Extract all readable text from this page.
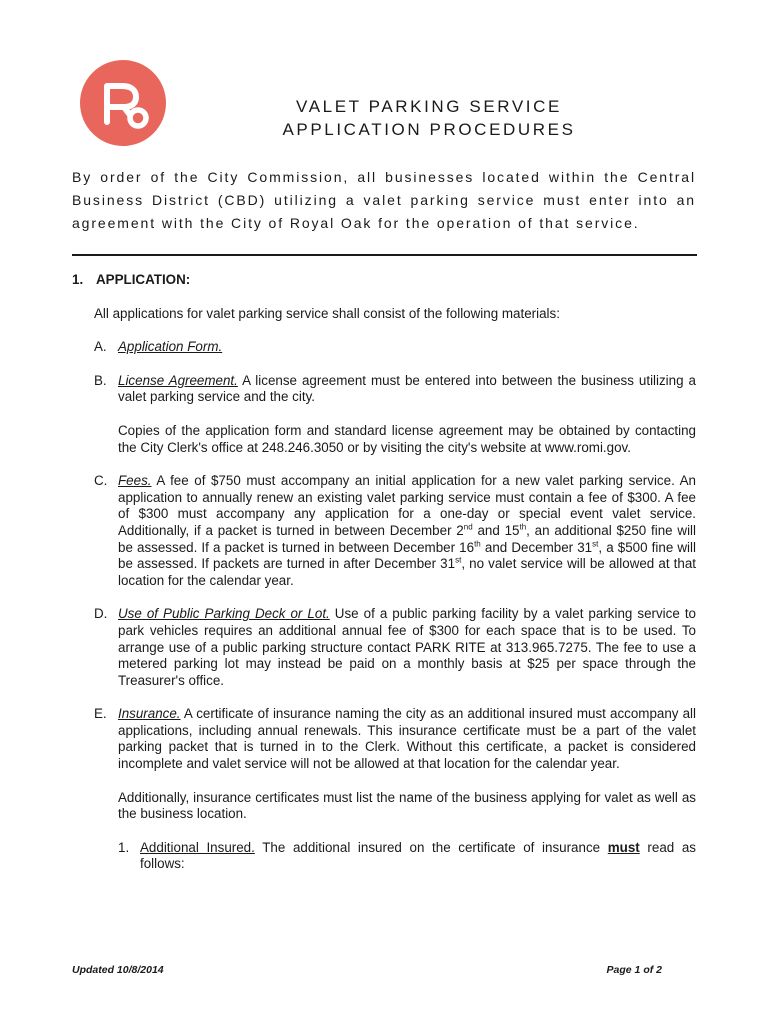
VALET PARKING SERVICE
APPLICATION PROCEDURES
By order of the City Commission, all businesses located within the Central Business District (CBD) utilizing a valet parking service must enter into an agreement with the City of Royal Oak for the operation of that service.
1. APPLICATION:
All applications for valet parking service shall consist of the following materials:
A. Application Form.
B. License Agreement. A license agreement must be entered into between the business utilizing a valet parking service and the city.
Copies of the application form and standard license agreement may be obtained by contacting the City Clerk's office at 248.246.3050 or by visiting the city's website at www.romi.gov.
C. Fees. A fee of $750 must accompany an initial application for a new valet parking service. An application to annually renew an existing valet parking service must contain a fee of $300. A fee of $300 must accompany any application for a one-day or special event valet service. Additionally, if a packet is turned in between December 2nd and 15th, an additional $250 fine will be assessed. If a packet is turned in between December 16th and December 31st, a $500 fine will be assessed. If packets are turned in after December 31st, no valet service will be allowed at that location for the calendar year.
D. Use of Public Parking Deck or Lot. Use of a public parking facility by a valet parking service to park vehicles requires an additional annual fee of $300 for each space that is to be used. To arrange use of a public parking structure contact PARK RITE at 313.965.7275. The fee to use a metered parking lot may instead be paid on a monthly basis at $25 per space through the Treasurer's office.
E. Insurance. A certificate of insurance naming the city as an additional insured must accompany all applications, including annual renewals. This insurance certificate must be a part of the valet parking packet that is turned in to the Clerk. Without this certificate, a packet is considered incomplete and valet service will not be allowed at that location for the calendar year.
Additionally, insurance certificates must list the name of the business applying for valet as well as the business location.
1. Additional Insured. The additional insured on the certificate of insurance must read as follows:
Updated 10/8/2014	Page 1 of 2
